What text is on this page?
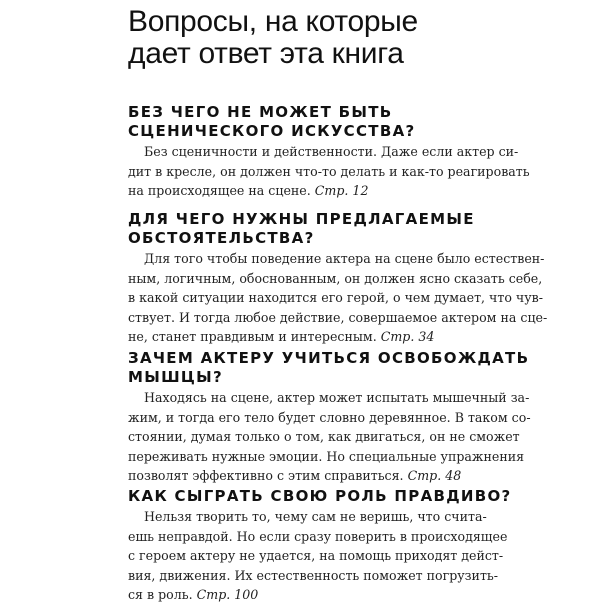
Вопросы, на которые
дает ответ эта книга
БЕЗ ЧЕГО НЕ МОЖЕТ БЫТЬ
СЦЕНИЧЕСКОГО ИСКУССТВА?

Без сценичности и действенности. Даже если актер си-
дит в кресле, он должен что-то делать и как-то реагировать
на происходящее на сцене. Стр. 12

ДЛЯ ЧЕГО НУЖНЫ ПРЕДЛАГАЕМЫЕ
ОБСТОЯТЕЛЬСТВА?

Для того чтобы поведение актера на сцене было естествен-
ным, логичным, обоснованным, он должен ясно сказать себе,
в какой ситуации находится его герой, о чем думает, что чув-
ствует. И тогда любое действие, совершаемое актером на сце-
не, станет правдивым и интересным. Стр. 34

ЗАЧЕМ АКТЕРУ УЧИТЬСЯ ОСВОБОЖДАТЬ
МЫШЦЫ?

Находясь на сцене, актер может испытать мышечный за-
жим, и тогда его тело будет словно деревянное. В таком со-
стоянии, думая только о том, как двигаться, он не сможет
переживать нужные эмоции. Но специальные упражнения
позволят эффективно с этим справиться. Стр. 48

КАК СЫГРАТЬ СВОЮ РОЛЬ ПРАВДИВО?

Нельзя творить то, чему сам не веришь, что счита-
ешь неправдой. Но если сразу поверить в происходящее
с героем актеру не удается, на помощь приходят дейст-
вия, движения. Их естественность поможет погрузить-
ся в роль. Стр. 100
